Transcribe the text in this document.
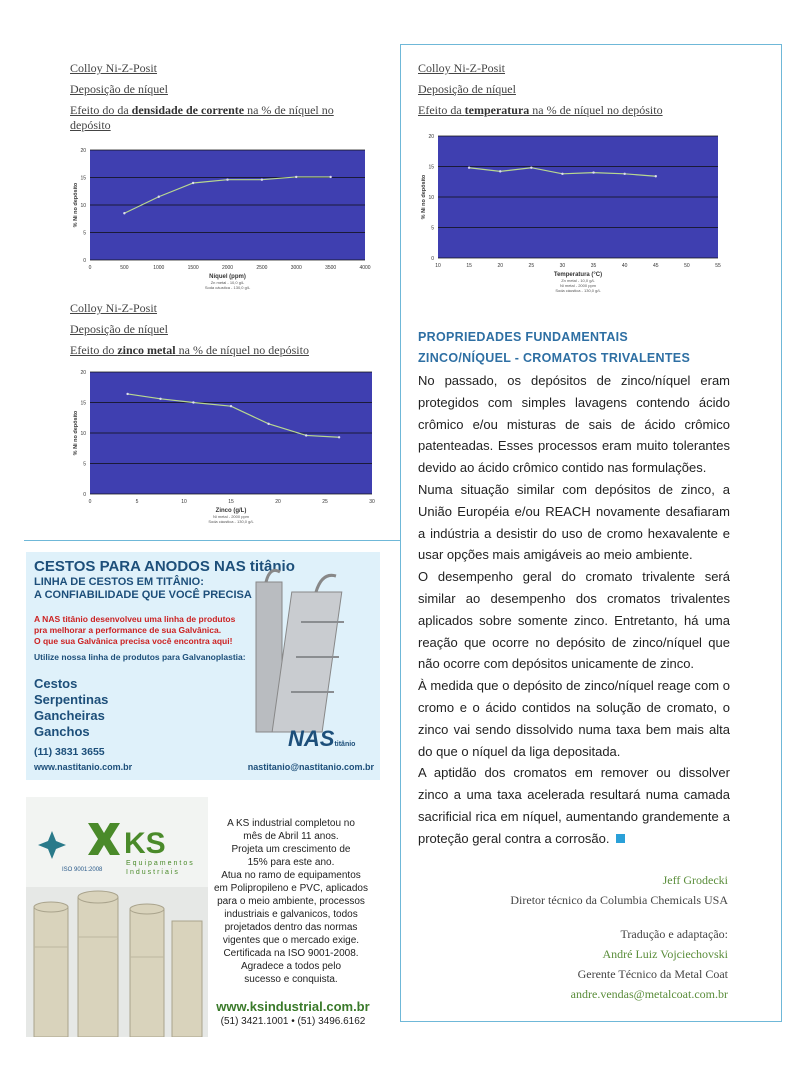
Colloy Ni-Z-Posit
Deposição de níquel
Efeito do da densidade de corrente na % de níquel no
depósito
0
5
10
15
20
0	500	1000	1500	2000	2500	3000	3500	4000
% Ni no depósito
Níquel (ppm)
Zn metal - 10,0 g/L
Soda cáustica - 130,0 g/L
Colloy Ni-Z-Posit
Deposição de níquel
Efeito da temperatura na % de níquel no depósito
0
5
10
15
20
10	15	20	25	30	35	40	45	50	55
% Ni no depósito
Temperatura (°C)
Zn metal - 10,0 g/L
Ni metal - 2000 ppm
Soda cáustica - 130,0 g/L
Colloy Ni-Z-Posit
Deposição de níquel
Efeito do zinco metal na % de níquel no depósito
0
5
10
15
20
0	5	10	15	20	25	30
% Ni no depósito
Zinco (g/L)
Ni metal - 2000 ppm
Soda cáustica - 130,0 g/L
PROPRIEDADES FUNDAMENTAIS
ZINCO/NÍQUEL - CROMATOS TRIVALENTES

No passado, os depósitos de zinco/níquel eram protegidos com simples lavagens contendo ácido crômico e/ou misturas de sais de ácido crômico patenteadas. Esses processos eram muito tolerantes devido ao ácido crômico contido nas formulações.

Numa situação similar com depósitos de zinco, a União Européia e/ou REACH novamente desafiaram a indústria a desistir do uso de cromo hexavalente e usar opções mais amigáveis ao meio ambiente.

O desempenho geral do cromato trivalente será similar ao desempenho dos cromatos trivalentes aplicados sobre somente zinco. Entretanto, há uma reação que ocorre no depósito de zinco/níquel que não ocorre com depósitos unicamente de zinco.

À medida que o depósito de zinco/níquel reage com o cromo e o ácido contidos na solução de cromato, o zinco vai sendo dissolvido numa taxa bem mais alta do que o níquel da liga depositada.

A aptidão dos cromatos em remover ou dissolver zinco a uma taxa acelerada resultará numa camada sacrificial rica em níquel, aumentando grandemente a proteção geral contra a corrosão.

Jeff Grodecki
Diretor técnico da Columbia Chemicals USA
Tradução e adaptação:
André Luiz Vojciechovski
Gerente Técnico da Metal Coat
andre.vendas@metalcoat.com.br
CESTOS PARA ANODOS NAS titânio
LINHA DE CESTOS EM TITÂNIO:
A CONFIABILIDADE QUE VOCÊ PRECISA
A NAS titânio desenvolveu uma linha de produtos
pra melhorar a performance de sua Galvânica.
O que sua Galvânica precisa você encontra aqui!
Utilize nossa linha de produtos para Galvanoplastia:
Cestos
Serpentinas
Gancheiras
Ganchos	NAStitânio
(11) 3831 3655
www.nastitanio.com.br	nastitanio@nastitanio.com.br
KS
Equipamentos
Industriais
ISO 9001:2008
A KS industrial completou no
mês de Abril 11 anos.
Projeta um crescimento de
15% para este ano.
Atua no ramo de equipamentos
em Polipropileno e PVC, aplicados
para o meio ambiente, processos
industriais e galvanicos, todos
projetados dentro das normas
vigentes que o mercado exige.
Certificada na ISO 9001-2008.
Agradece a todos pelo
sucesso e conquista.
www.ksindustrial.com.br
(51) 3421.1001 • (51) 3496.6162
